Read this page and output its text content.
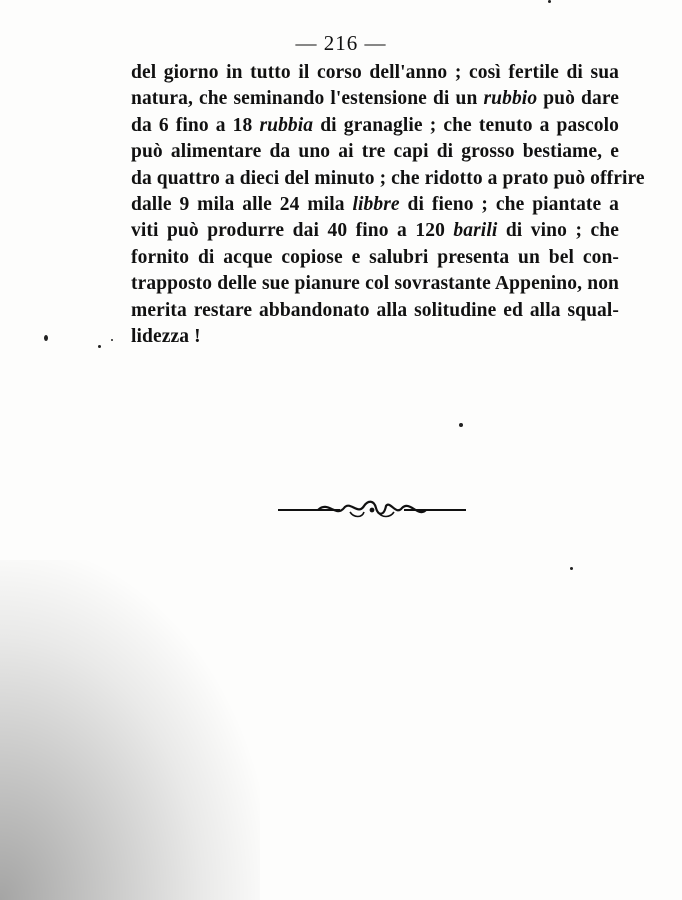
— 216 —
del giorno in tutto il corso dell'anno ; così fertile di sua
natura, che seminando l'estensione di un rubbio può dare
da 6 fino a 18 rubbia di granaglie ; che tenuto a pascolo
può alimentare da uno ai tre capi di grosso bestiame, e
da quattro a dieci del minuto ; che ridotto a prato può offrire
dalle 9 mila alle 24 mila libbre di fieno ; che piantate a
viti può produrre dai 40 fino a 120 barili di vino ; che
fornito di acque copiose e salubri presenta un bel con-
trapposto delle sue pianure col sovrastante Appenino, non
merita restare abbandonato alla solitudine ed alla squal-
lidezza !
